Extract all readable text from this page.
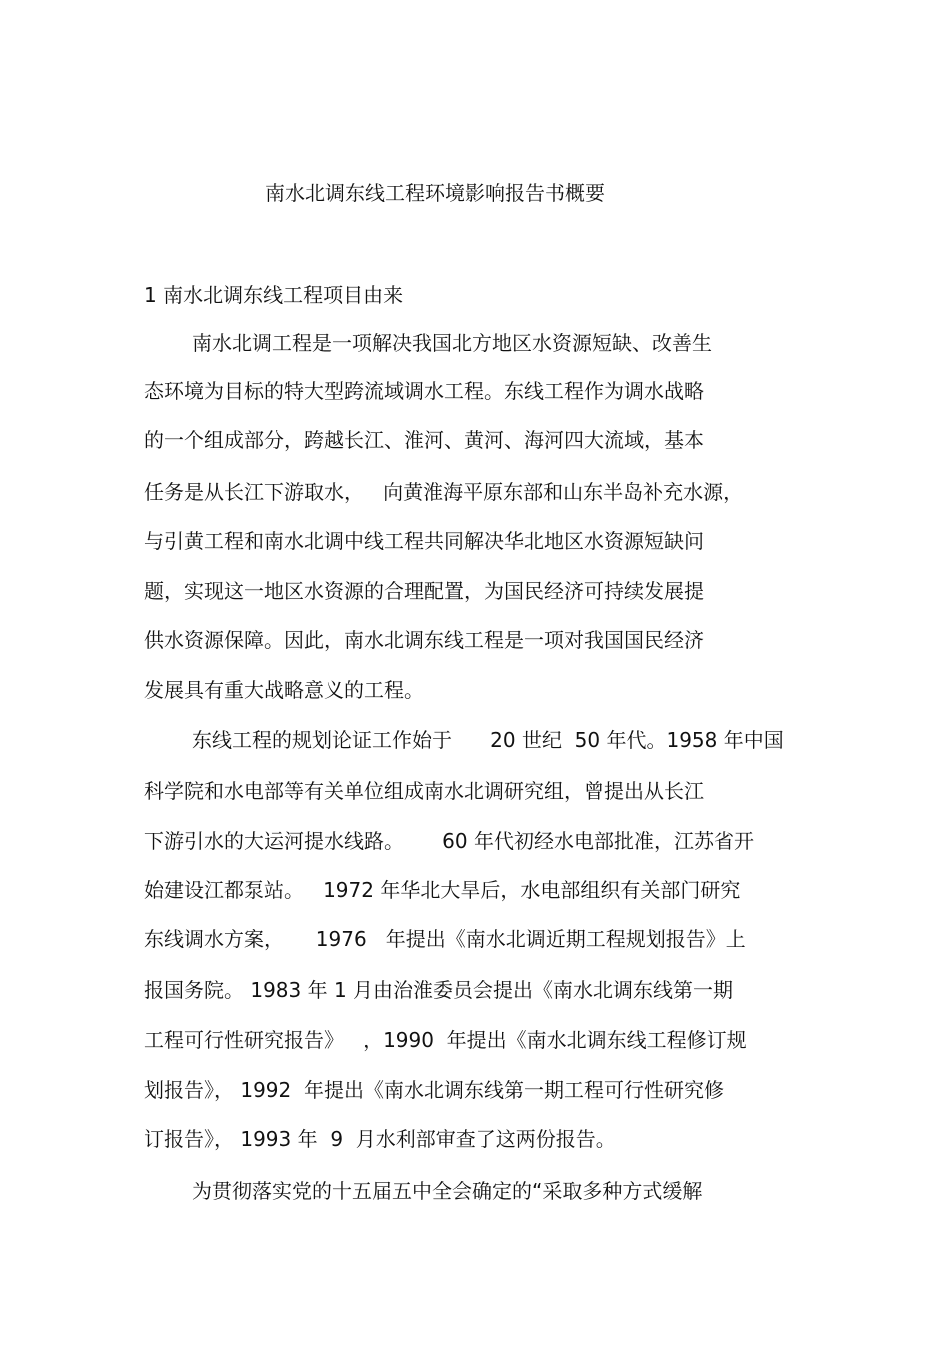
南水北调东线工程环境影响报告书概要
1 南水北调东线工程项目由来
南水北调工程是一项解决我国北方地区水资源短缺、改善生
态环境为目标的特大型跨流域调水工程。东线工程作为调水战略
的一个组成部分，跨越长江、淮河、黄河、海河四大流域，基本
任务是从长江下游取水，   向黄淮海平原东部和山东半岛补充水源，
与引黄工程和南水北调中线工程共同解决华北地区水资源短缺问
题，实现这一地区水资源的合理配置，为国民经济可持续发展提
供水资源保障。因此，南水北调东线工程是一项对我国国民经济
发展具有重大战略意义的工程。
东线工程的规划论证工作始于      20 世纪  50 年代。1958 年中国
科学院和水电部等有关单位组成南水北调研究组，曾提出从长江
下游引水的大运河提水线路。      60 年代初经水电部批准，江苏省开
始建设江都泵站。   1972 年华北大旱后，水电部组织有关部门研究
东线调水方案，     1976   年提出《南水北调近期工程规划报告》上
报国务院。 1983 年 1 月由治淮委员会提出《南水北调东线第一期
工程可行性研究报告》   ，1990  年提出《南水北调东线工程修订规
划报告》， 1992  年提出《南水北调东线第一期工程可行性研究修
订报告》， 1993 年  9  月水利部审查了这两份报告。
为贯彻落实党的十五届五中全会确定的“采取多种方式缓解
